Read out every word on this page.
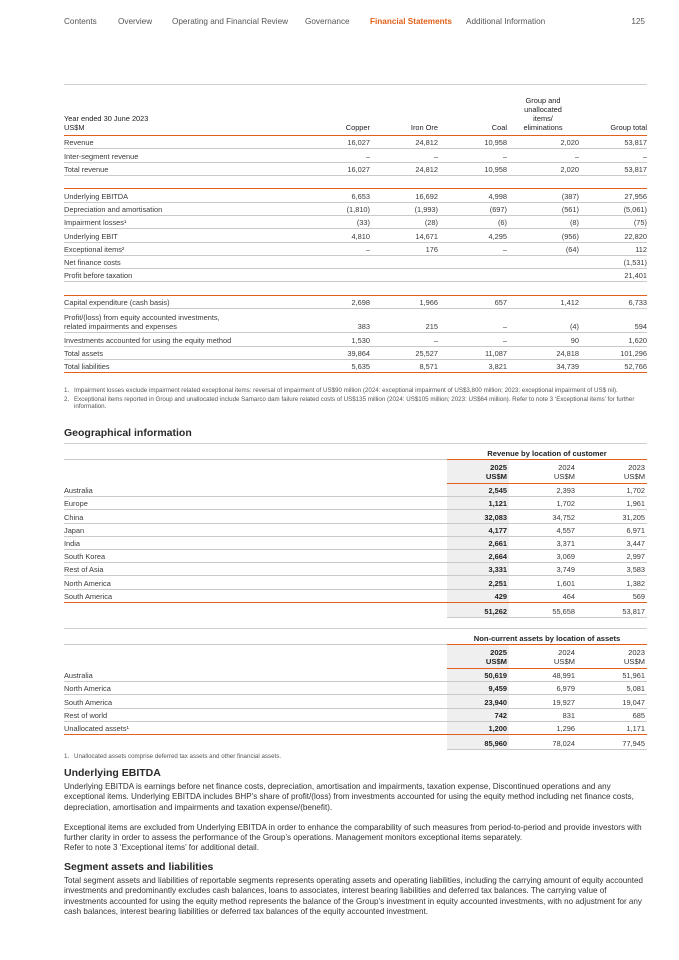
Contents	Overview Operating and Financial Review Governance Financial Statements Additional Information	125
Year ended 30 June 2023
US$M	Copper	Iron Ore	Coal	Group and
unallocated
items/
eliminations	Group total
Revenue	16,027	24,812	10,958	2,020	53,817
Inter-segment revenue	–	–	–	–	–
Total revenue	16,027	24,812	10,958	2,020	53,817

Underlying EBITDA	6,653	16,692	4,998	(387)	27,956
Depreciation and amortisation	(1,810)	(1,993)	(697)	(561)	(5,061)
Impairment losses¹	(33)	(28)	(6)	(8)	(75)
Underlying EBIT	4,810	14,671	4,295	(956)	22,820
Exceptional items²	–	176	–	(64)	112
Net finance costs					(1,531)
Profit before taxation					21,401

Capital expenditure (cash basis)	2,698	1,966	657	1,412	6,733
Profit/(loss) from equity accounted investments,
related impairments and expenses	383	215	–	(4)	594
Investments accounted for using the equity method	1,530	–	–	90	1,620
Total assets	39,864	25,527	11,087	24,818	101,296
Total liabilities	5,635	8,571	3,821	34,739	52,766
1. Impairment losses exclude impairment related exceptional items: reversal of impairment of US$90 million (2024: exceptional impairment of US$3,800 million; 2023: exceptional impairment of US$ nil).
2. Exceptional items reported in Group and unallocated include Samarco dam failure related costs of US$135 million (2024: US$105 million; 2023: US$64 million). Refer to note 3 ‘Exceptional items’ for further information.
Geographical information
	Revenue by location of customer		
	2025
US$M	2024
US$M	2023
US$M
Australia	2,545	2,393	1,702
Europe	1,121	1,702	1,961
China	32,083	34,752	31,205
Japan	4,177	4,557	6,971
India	2,661	3,371	3,447
South Korea	2,664	3,069	2,997
Rest of Asia	3,331	3,749	3,583
North America	2,251	1,601	1,382
South America	429	464	569
	51,262	55,658	53,817
	Non-current assets by location of assets		
	2025
US$M	2024
US$M	2023
US$M
Australia	50,619	48,991	51,961
North America	9,459	6,979	5,081
South America	23,940	19,927	19,047
Rest of world	742	831	685
Unallocated assets¹	1,200	1,296	1,171
	85,960	78,024	77,945
1. Unallocated assets comprise deferred tax assets and other financial assets.
Underlying EBITDA
Underlying EBITDA is earnings before net finance costs, depreciation, amortisation and impairments, taxation expense, Discontinued operations and any exceptional items. Underlying EBITDA includes BHP’s share of profit/(loss) from investments accounted for using the equity method including net finance costs, depreciation, amortisation and impairments and taxation expense/(benefit).
Exceptional items are excluded from Underlying EBITDA in order to enhance the comparability of such measures from period-to-period and provide investors with further clarity in order to assess the performance of the Group’s operations. Management monitors exceptional items separately.
Refer to note 3 ‘Exceptional items’ for additional detail.
Segment assets and liabilities
Total segment assets and liabilities of reportable segments represents operating assets and operating liabilities, including the carrying amount of equity accounted investments and predominantly excludes cash balances, loans to associates, interest bearing liabilities and deferred tax balances. The carrying value of investments accounted for using the equity method represents the balance of the Group’s investment in equity accounted investments, with no adjustment for any cash balances, interest bearing liabilities or deferred tax balances of the equity accounted investment.
